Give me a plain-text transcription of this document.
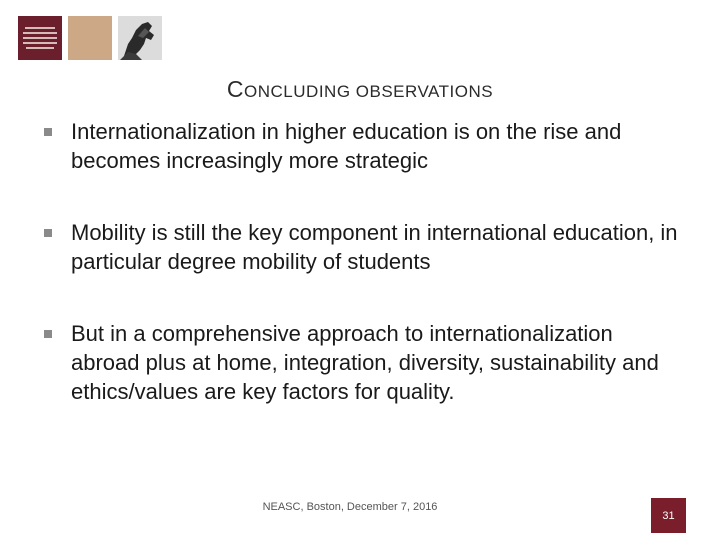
CONCLUDING OBSERVATIONS
Internationalization in higher education is on the rise and becomes increasingly more strategic
Mobility is still the key component in international education, in particular degree mobility of students
But in a comprehensive approach to internationalization abroad plus at home, integration, diversity, sustainability and ethics/values are key factors for quality.
NEASC, Boston, December 7, 2016
31
